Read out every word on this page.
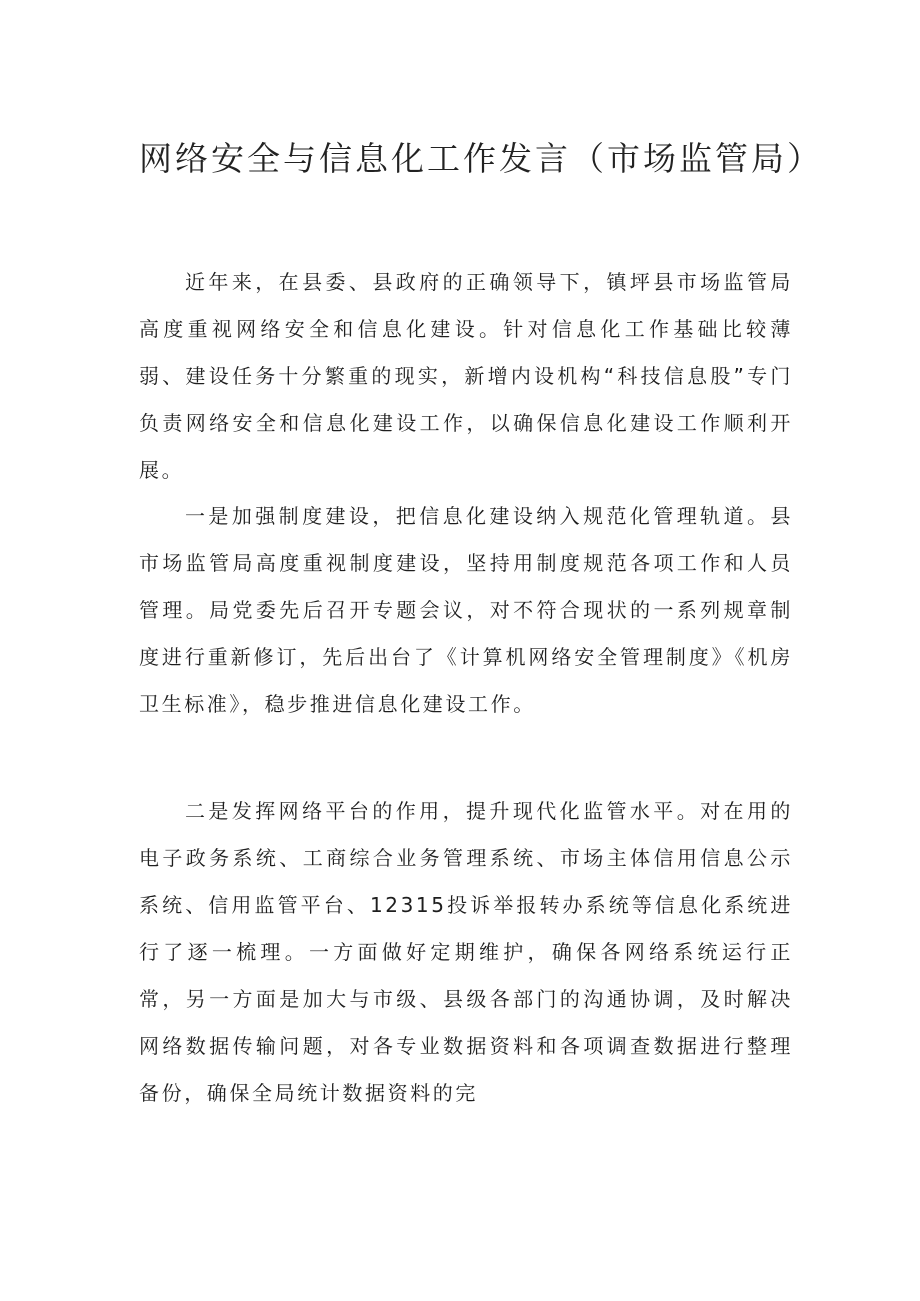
网络安全与信息化工作发言（市场监管局）

近年来，在县委、县政府的正确领导下，镇坪县市场监管局高度重视网络安全和信息化建设。针对信息化工作基础比较薄弱、建设任务十分繁重的现实，新增内设机构“科技信息股”专门负责网络安全和信息化建设工作，以确保信息化建设工作顺利开展。

一是加强制度建设，把信息化建设纳入规范化管理轨道。县市场监管局高度重视制度建设，坚持用制度规范各项工作和人员管理。局党委先后召开专题会议，对不符合现状的一系列规章制度进行重新修订，先后出台了《计算机网络安全管理制度》《机房卫生标准》，稳步推进信息化建设工作。

二是发挥网络平台的作用，提升现代化监管水平。对在用的电子政务系统、工商综合业务管理系统、市场主体信用信息公示系统、信用监管平台、12315投诉举报转办系统等信息化系统进行了逐一梳理。一方面做好定期维护，确保各网络系统运行正常，另一方面是加大与市级、县级各部门的沟通协调，及时解决网络数据传输问题，对各专业数据资料和各项调查数据进行整理备份，确保全局统计数据资料的完
